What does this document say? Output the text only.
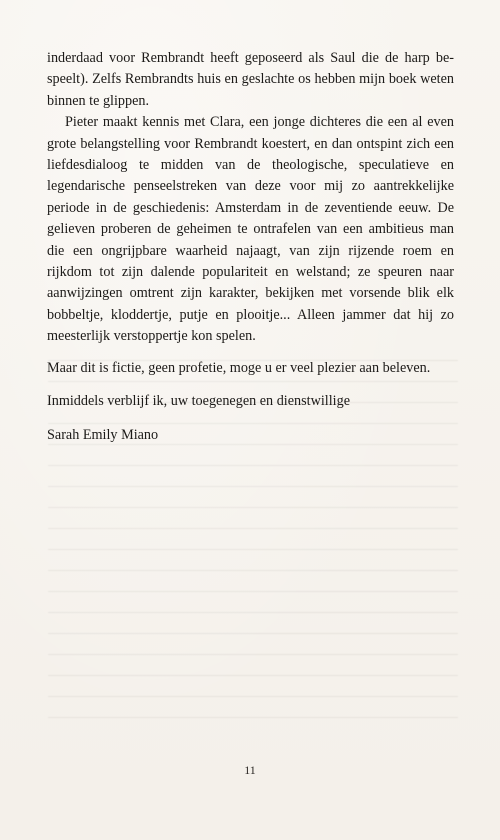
inderdaad voor Rembrandt heeft geposeerd als Saul die de harp be-speelt). Zelfs Rembrandts huis en geslachte os hebben mijn boek weten binnen te glippen.

Pieter maakt kennis met Clara, een jonge dichteres die een al even grote belangstelling voor Rembrandt koestert, en dan ontspint zich een liefdesdialoog te midden van de theologische, speculatieve en legendarische penseelstreken van deze voor mij zo aantrekkelijke periode in de geschiedenis: Amsterdam in de zeventiende eeuw. De gelieven proberen de geheimen te ontrafelen van een ambitieus man die een ongrijpbare waarheid najaagt, van zijn rijzende roem en rijkdom tot zijn dalende populariteit en welstand; ze speuren naar aanwijzingen omtrent zijn karakter, bekijken met vorsende blik elk bobbeltje, kloddertje, putje en plooitje... Alleen jammer dat hij zo meesterlijk verstoppertje kon spelen.

Maar dit is fictie, geen profetie, moge u er veel plezier aan beleven.

Inmiddels verblijf ik, uw toegenegen en dienstwillige

Sarah Emily Miano

11
